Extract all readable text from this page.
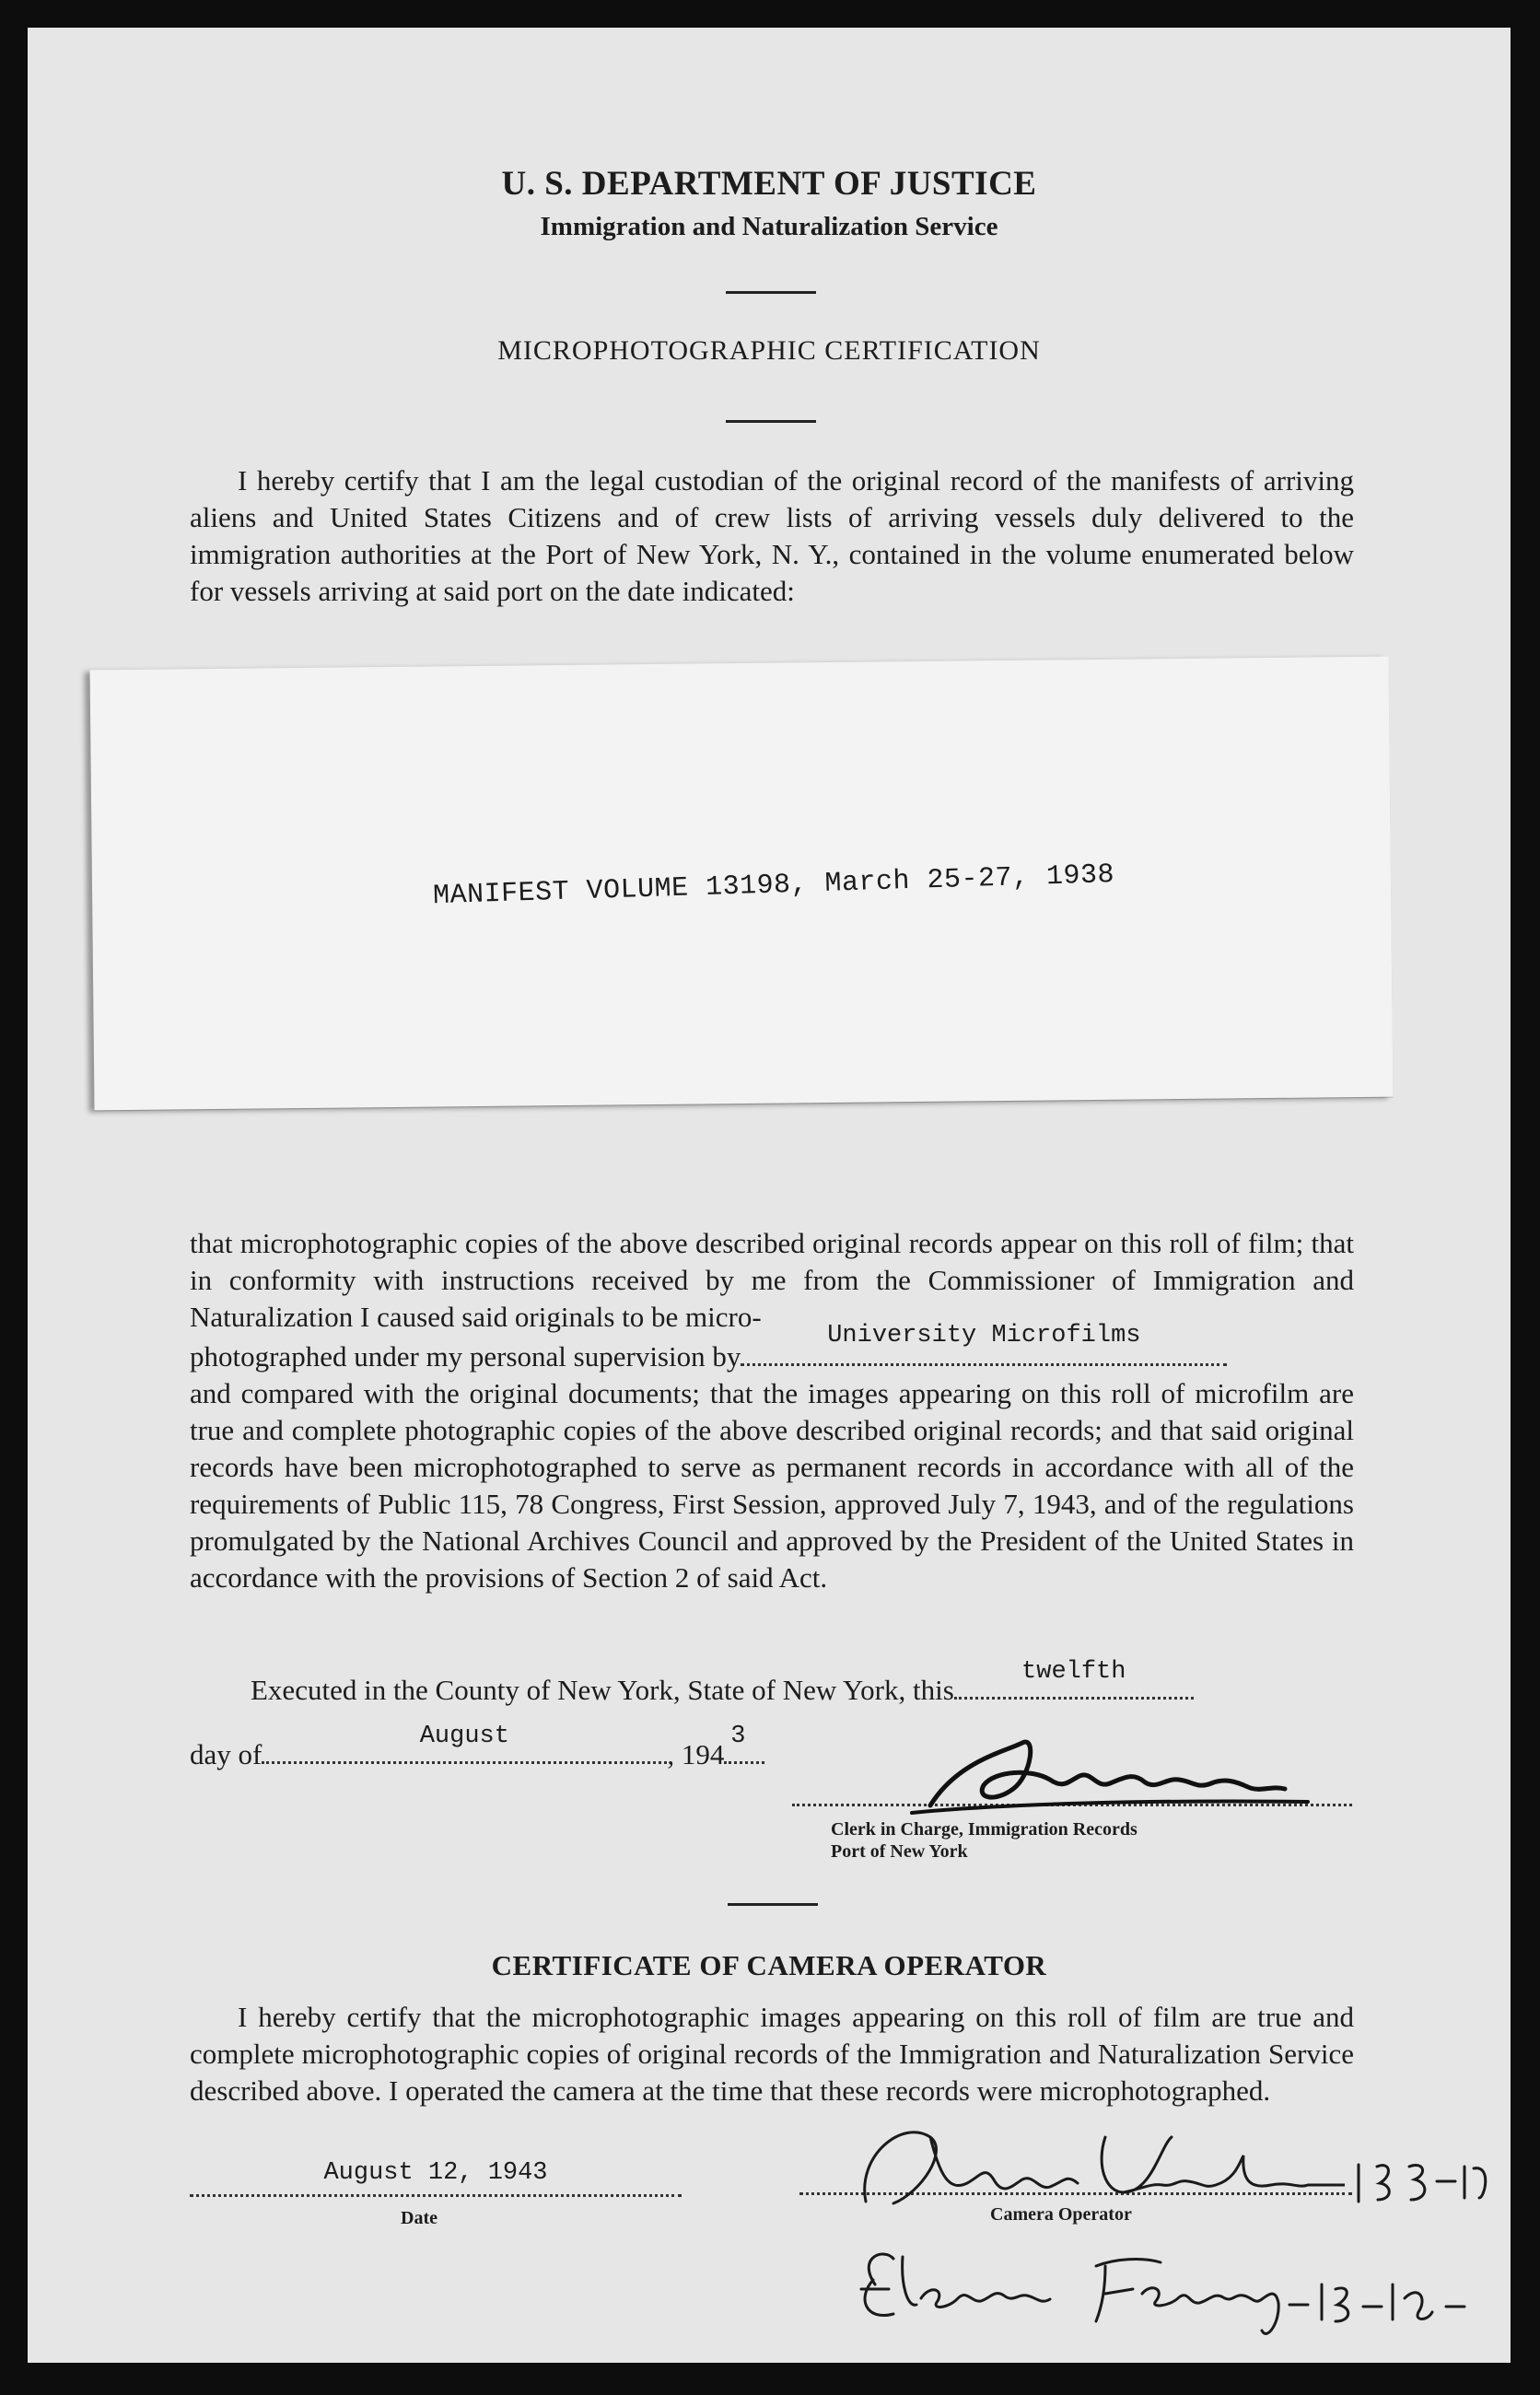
U. S. DEPARTMENT OF JUSTICE
Immigration and Naturalization Service
MICROPHOTOGRAPHIC CERTIFICATION

I hereby certify that I am the legal custodian of the original record of the manifests of arriving aliens and United States Citizens and of crew lists of arriving vessels duly delivered to the immigration authorities at the Port of New York, N. Y., contained in the volume enumerated below for vessels arriving at said port on the date indicated:

MANIFEST VOLUME 13198, March 25-27, 1938

that microphotographic copies of the above described original records appear on this roll of film; that in conformity with instructions received by me from the Commissioner of Immigration and Naturalization I caused said originals to be micro-

photographed under my personal supervision by
University Microfilms

and compared with the original documents; that the images appearing on this roll of microfilm are true and complete photographic copies of the above described original records; and that said original records have been microphotographed to serve as permanent records in accordance with all of the requirements of Public 115, 78 Congress, First Session, approved July 7, 1943, and of the regulations promulgated by the National Archives Council and approved by the President of the United States in accordance with the provisions of Section 2 of said Act.

Executed in the County of New York, State of New York, this
twelfth
day of
August
, 194
3
Clerk in Charge, Immigration Records
Port of New York
CERTIFICATE OF CAMERA OPERATOR

I hereby certify that the microphotographic images appearing on this roll of film are true and complete microphotographic copies of original records of the Immigration and Naturalization Service described above. I operated the camera at the time that these records were microphotographed.

August 12, 1943
Date	Camera Operator
